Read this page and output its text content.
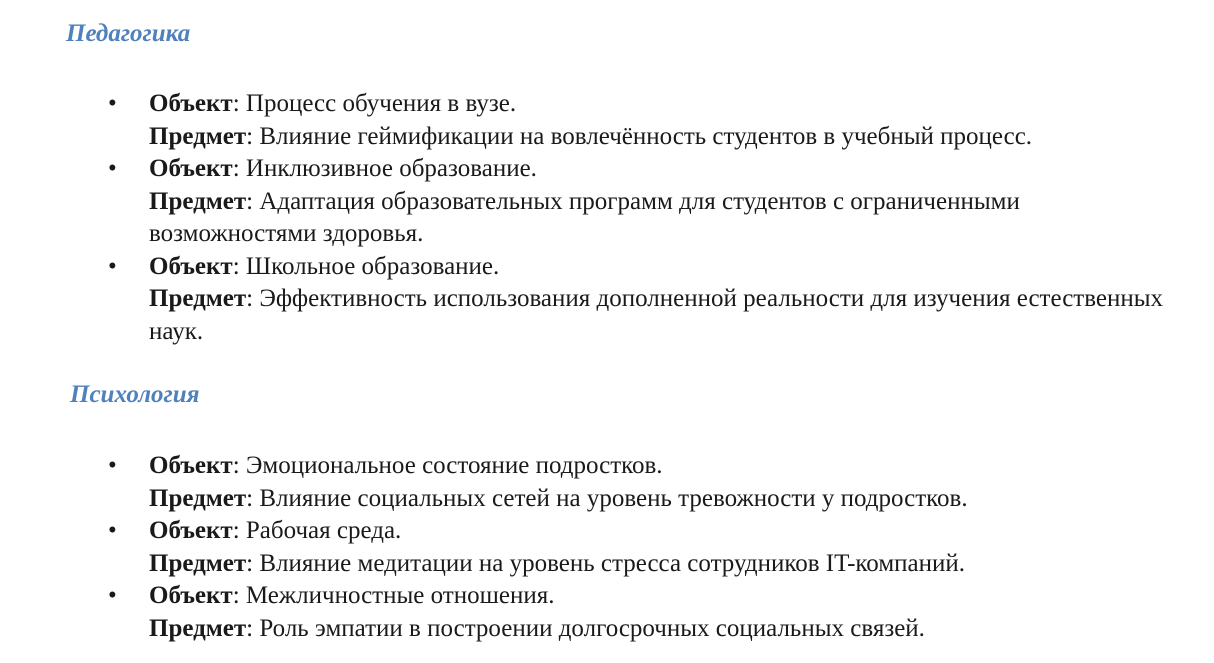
Педагогика
• Объект: Процесс обучения в вузе.
Предмет: Влияние геймификации на вовлечённость студентов в учебный процесс.
• Объект: Инклюзивное образование.
Предмет: Адаптация образовательных программ для студентов с ограниченными возможностями здоровья.
• Объект: Школьное образование.
Предмет: Эффективность использования дополненной реальности для изучения естественных наук.
Психология
• Объект: Эмоциональное состояние подростков.
Предмет: Влияние социальных сетей на уровень тревожности у подростков.
• Объект: Рабочая среда.
Предмет: Влияние медитации на уровень стресса сотрудников IT-компаний.
• Объект: Межличностные отношения.
Предмет: Роль эмпатии в построении долгосрочных социальных связей.
